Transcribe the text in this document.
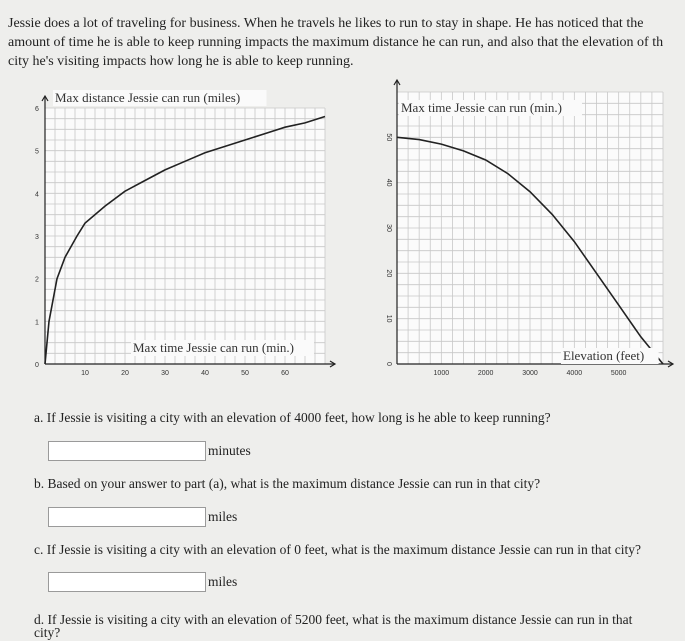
Jessie does a lot of traveling for business. When he travels he likes to run to stay in shape. He has noticed that the
amount of time he is able to keep running impacts the maximum distance he can run, and also that the elevation of th
city he's visiting impacts how long he is able to keep running.
10	20	30	40	50	60
0
1
2
3
4
5
6
Max distance Jessie can run (miles)
Max time Jessie can run (min.)
1000	2000	3000	4000	5000
0
10
20
30
40
50
Max time Jessie can run (min.)
Elevation (feet)

a. If Jessie is visiting a city with an elevation of 4000 feet, how long is he able to keep running?

minutes

b. Based on your answer to part (a), what is the maximum distance Jessie can run in that city?

miles

c. If Jessie is visiting a city with an elevation of 0 feet, what is the maximum distance Jessie can run in that city?

miles

d. If Jessie is visiting a city with an elevation of 5200 feet, what is the maximum distance Jessie can run in that

city?
